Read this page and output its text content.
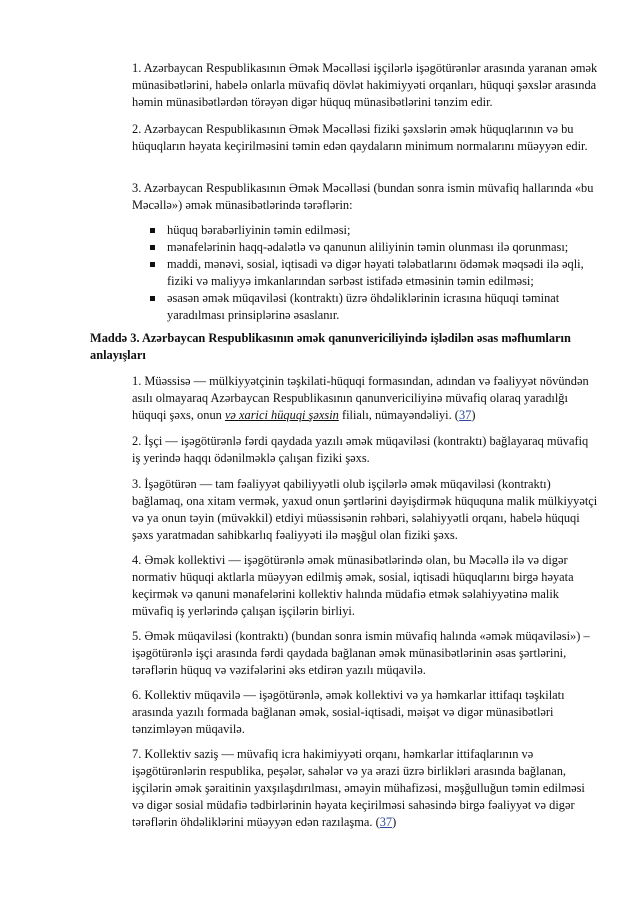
1. Azərbaycan Respublikasının Əmək Məcəlləsi işçilərlə işəgötürənlər arasında yaranan əmək münasibətlərini, habelə onlarla müvafiq dövlət hakimiyyəti orqanları, hüquqi şəxslər arasında həmin münasibətlərdən törəyən digər hüquq münasibətlərini tənzim edir.

2. Azərbaycan Respublikasının Əmək Məcəlləsi fiziki şəxslərin əmək hüquqlarının və bu hüquqların həyata keçirilməsini təmin edən qaydaların minimum normalarını müəyyən edir.

3. Azərbaycan Respublikasının Əmək Məcəlləsi (bundan sonra ismin müvafiq hallarında «bu Məcəllə») əmək münasibətlərində tərəflərin:

hüquq bərabərliyinin təmin edilməsi;
mənafelərinin haqq-ədalətlə və qanunun aliliyinin təmin olunması ilə qorunması;
maddi, mənəvi, sosial, iqtisadi və digər həyati tələbatlarını ödəmək məqsədi ilə əqli, fiziki və maliyyə imkanlarından sərbəst istifadə etməsinin təmin edilməsi;
əsasən əmək müqaviləsi (kontraktı) üzrə öhdəliklərinin icrasına hüquqi təminat yaradılması prinsiplərinə əsaslanır.

Maddə 3. Azərbaycan Respublikasının əmək qanunvericiliyində işlədilən əsas məfhumların anlayışları

1. Müəssisə — mülkiyyətçinin təşkilati-hüquqi formasından, adından və fəaliyyət növündən asılı olmayaraq Azərbaycan Respublikasının qanunvericiliyinə müvafiq olaraq yaradılğı hüquqi şəxs, onun və xarici hüquqi şəxsin filialı, nümayəndəliyi. (37)

2. İşçi — işəgötürənlə fərdi qaydada yazılı əmək müqaviləsi (kontraktı) bağlayaraq müvafiq iş yerində haqqı ödənilməklə çalışan fiziki şəxs.

3. İşəgötürən — tam fəaliyyət qabiliyyətli olub işçilərlə əmək müqaviləsi (kontraktı) bağlamaq, ona xitam vermək, yaxud onun şərtlərini dəyişdirmək hüququna malik mülkiyyətçi və ya onun təyin (müvəkkil) etdiyi müəssisənin rəhbəri, səlahiyyətli orqanı, habelə hüquqi şəxs yaratmadan sahibkarlıq fəaliyyəti ilə məşğul olan fiziki şəxs.

4. Əmək kollektivi — işəgötürənlə əmək münasibətlərində olan, bu Məcəllə ilə və digər normativ hüquqi aktlarla müəyyən edilmiş əmək, sosial, iqtisadi hüquqlarını birgə həyata keçirmək və qanuni mənafelərini kollektiv halında müdafiə etmək səlahiyyətinə malik müvafiq iş yerlərində çalışan işçilərin birliyi.

5. Əmək müqaviləsi (kontraktı) (bundan sonra ismin müvafiq halında «əmək müqaviləsi») – işəgötürənlə işçi arasında fərdi qaydada bağlanan əmək münasibətlərinin əsas şərtlərini, tərəflərin hüquq və vəzifələrini əks etdirən yazılı müqavilə.

6. Kollektiv müqavilə — işəgötürənlə, əmək kollektivi və ya həmkarlar ittifaqı təşkilatı arasında yazılı formada bağlanan əmək, sosial-iqtisadi, məişət və digər münasibətləri tənzimləyən müqavilə.

7. Kollektiv saziş — müvafiq icra hakimiyyəti orqanı, həmkarlar ittifaqlarının və işəgötürənlərin respublika, peşələr, sahələr və ya ərazi üzrə birlikləri arasında bağlanan, işçilərin əmək şəraitinin yaxşılaşdırılması, əməyin mühafizəsi, məşğulluğun təmin edilməsi və digər sosial müdafiə tədbirlərinin həyata keçirilməsi sahəsində birgə fəaliyyət və digər tərəflərin öhdəliklərini müəyyən edən razılaşma. (37)
